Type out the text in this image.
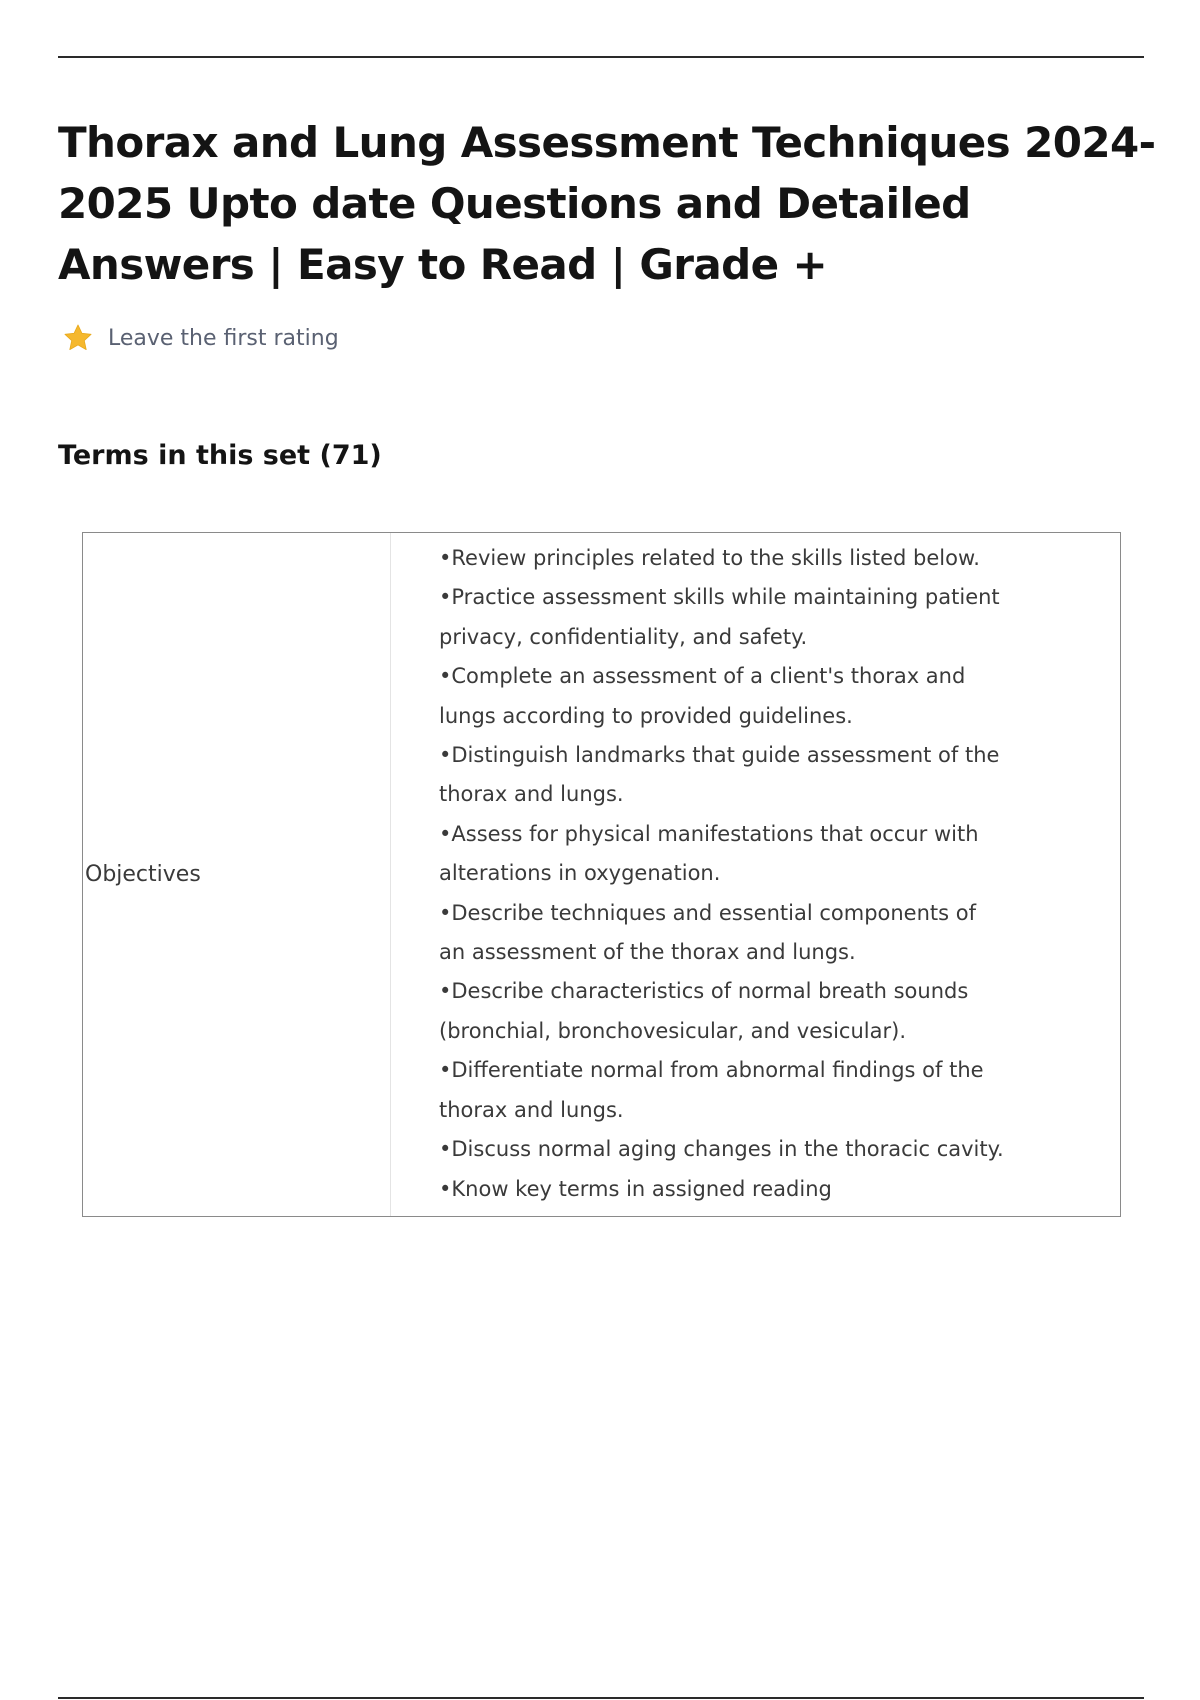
Thorax and Lung Assessment Techniques 2024-
2025 Upto date Questions and Detailed
Answers | Easy to Read | Grade +
Leave the first rating
Terms in this set (71)
Objectives
•Review principles related to the skills listed below.
•Practice assessment skills while maintaining patient
privacy, confidentiality, and safety.
•Complete an assessment of a client's thorax and
lungs according to provided guidelines.
•Distinguish landmarks that guide assessment of the
thorax and lungs.
•Assess for physical manifestations that occur with
alterations in oxygenation.
•Describe techniques and essential components of
an assessment of the thorax and lungs.
•Describe characteristics of normal breath sounds
(bronchial, bronchovesicular, and vesicular).
•Differentiate normal from abnormal findings of the
thorax and lungs.
•Discuss normal aging changes in the thoracic cavity.
•Know key terms in assigned reading
